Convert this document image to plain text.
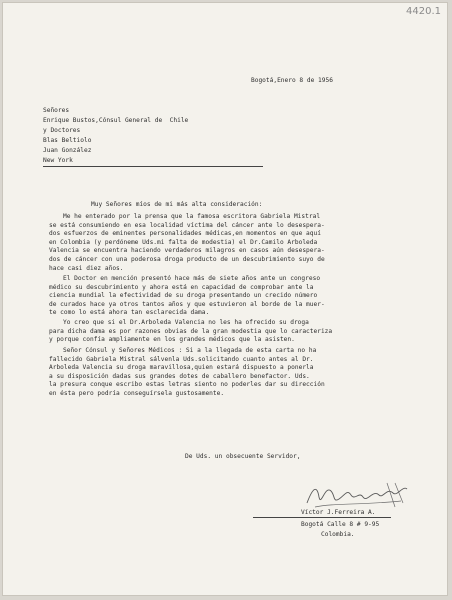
4420.1
Bogotá,Enero 8 de 1956
Señores
Enrique Bustos,Cónsul General de  Chile
y Doctores
Blas Beltiolo
Juan González
New York
Muy Señores míos de mi más alta consideración:
Me he enterado por la prensa que la famosa escritora Gabriela Mistral
se está consumiendo en esa localidad víctima del cáncer ante lo desespera-
dos esfuerzos de eminentes personalidades médicas,en momentos en que aquí
en Colombia (y perdóneme Uds.mi falta de modestia) el Dr.Camilo Arboleda
Valencia se encuentra haciendo verdaderos milagros en casos aún desespera-
dos de cáncer con una poderosa droga producto de un descubrimiento suyo de
hace casi diez años.
El Doctor en mención presentó hace más de siete años ante un congreso
médico su descubrimiento y ahora está en capacidad de comprobar ante la
ciencia mundial la efectividad de su droga presentando un crecido número
de curados hace ya otros tantos años y que estuvieron al borde de la muer-
te como lo está ahora tan esclarecida dama.
Yo creo que si el Dr.Arboleda Valencia no les ha ofrecido su droga
para dicha dama es por razones obvias de la gran modestia que lo caracteriza
y porque confía ampliamente en los grandes médicos que la asisten.
Señor Cónsul y Señores Médicos : Si a la llegada de esta carta no ha
fallecido Gabriela Mistral sálvenla Uds.solicitando cuanto antes al Dr.
Arboleda Valencia su droga maravillosa,quien estará dispuesto a ponerla
a su disposición dadas sus grandes dotes de caballero benefactor. Uds.
la presura conque escribo estas letras siento no poderles dar su dirección
en ésta pero podría conseguírsela gustosamente.
De Uds. un obsecuente Servidor,
Víctor J.Ferreira A.
Bogotá Calle 8 # 9-95
Colombia.
